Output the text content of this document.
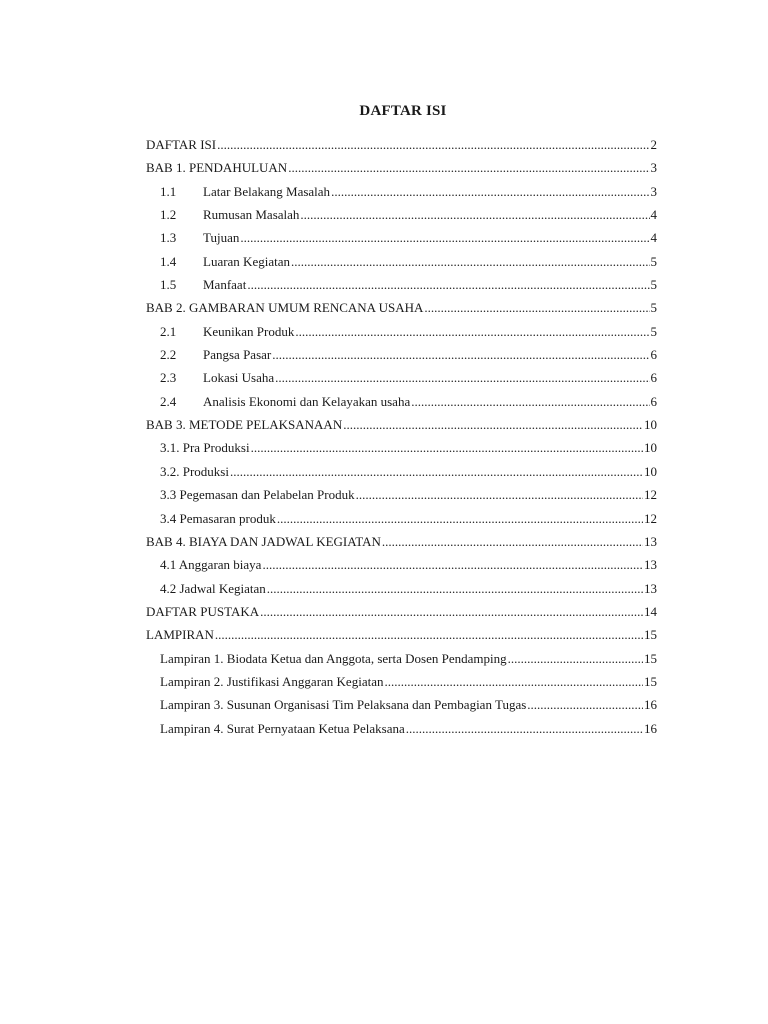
DAFTAR ISI
DAFTAR ISI .....	2
BAB 1. PENDAHULUAN .....	3
1.1	Latar Belakang Masalah .....	3
1.2	Rumusan Masalah .....	4
1.3	Tujuan .....	4
1.4	Luaran Kegiatan .....	5
1.5	Manfaat .....	5
BAB 2. GAMBARAN UMUM RENCANA USAHA .....	5
2.1	Keunikan Produk .....	5
2.2	Pangsa Pasar .....	6
2.3	Lokasi Usaha .....	6
2.4	Analisis Ekonomi dan Kelayakan usaha .....	6
BAB 3. METODE PELAKSANAAN .....	10
3.1. Pra Produksi .....	10
3.2. Produksi .....	10
3.3 Pegemasan dan Pelabelan Produk .....	12
3.4 Pemasaran produk .....	12
BAB 4. BIAYA DAN JADWAL KEGIATAN .....	13
4.1 Anggaran biaya .....	13
4.2 Jadwal Kegiatan .....	13
DAFTAR PUSTAKA .....	14
LAMPIRAN .....	15
Lampiran 1. Biodata Ketua dan Anggota, serta Dosen Pendamping .....	15
Lampiran 2. Justifikasi Anggaran Kegiatan .....	15
Lampiran 3. Susunan Organisasi Tim Pelaksana dan Pembagian Tugas .....	16
Lampiran 4. Surat Pernyataan Ketua Pelaksana .....	16
